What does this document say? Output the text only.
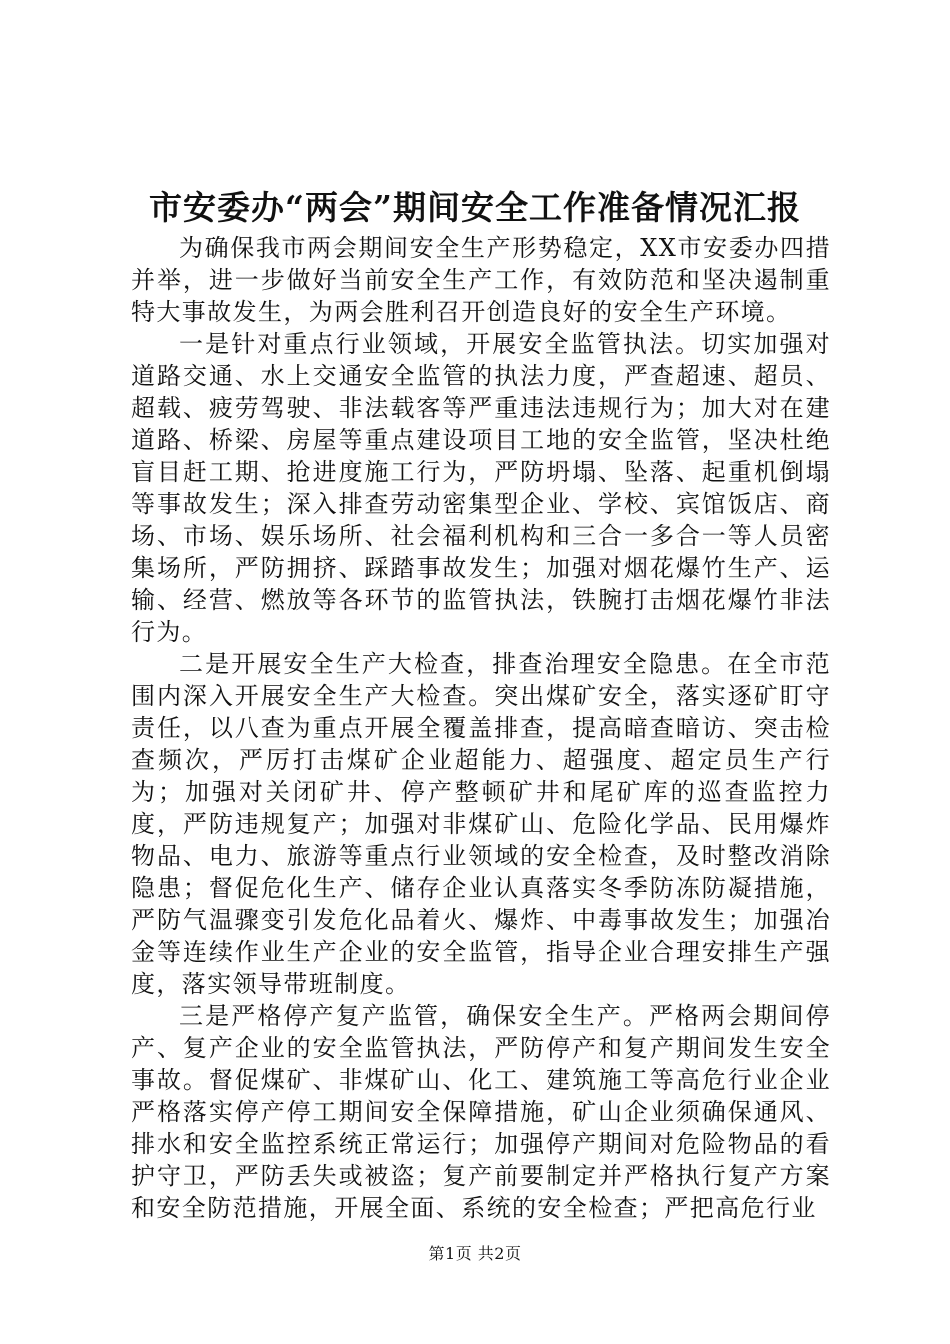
市安委办“两会”期间安全工作准备情况汇报

为确保我市两会期间安全生产形势稳定，XX市安委办四措并举，进一步做好当前安全生产工作，有效防范和坚决遏制重特大事故发生，为两会胜利召开创造良好的安全生产环境。

一是针对重点行业领域，开展安全监管执法。切实加强对道路交通、水上交通安全监管的执法力度，严查超速、超员、超载、疲劳驾驶、非法载客等严重违法违规行为；加大对在建道路、桥梁、房屋等重点建设项目工地的安全监管，坚决杜绝盲目赶工期、抢进度施工行为，严防坍塌、坠落、起重机倒塌等事故发生；深入排查劳动密集型企业、学校、宾馆饭店、商场、市场、娱乐场所、社会福利机构和三合一多合一等人员密集场所，严防拥挤、踩踏事故发生；加强对烟花爆竹生产、运输、经营、燃放等各环节的监管执法，铁腕打击烟花爆竹非法行为。

二是开展安全生产大检查，排查治理安全隐患。在全市范围内深入开展安全生产大检查。突出煤矿安全，落实逐矿盯守责任，以八查为重点开展全覆盖排查，提高暗查暗访、突击检查频次，严厉打击煤矿企业超能力、超强度、超定员生产行为；加强对关闭矿井、停产整顿矿井和尾矿库的巡查监控力度，严防违规复产；加强对非煤矿山、危险化学品、民用爆炸物品、电力、旅游等重点行业领域的安全检查，及时整改消除隐患；督促危化生产、储存企业认真落实冬季防冻防凝措施，严防气温骤变引发危化品着火、爆炸、中毒事故发生；加强冶金等连续作业生产企业的安全监管，指导企业合理安排生产强度，落实领导带班制度。

三是严格停产复产监管，确保安全生产。严格两会期间停产、复产企业的安全监管执法，严防停产和复产期间发生安全事故。督促煤矿、非煤矿山、化工、建筑施工等高危行业企业严格落实停产停工期间安全保障措施，矿山企业须确保通风、排水和安全监控系统正常运行；加强停产期间对危险物品的看护守卫，严防丢失或被盗；复产前要制定并严格执行复产方案和安全防范措施，开展全面、系统的安全检查；严把高危行业

第1页 共2页
